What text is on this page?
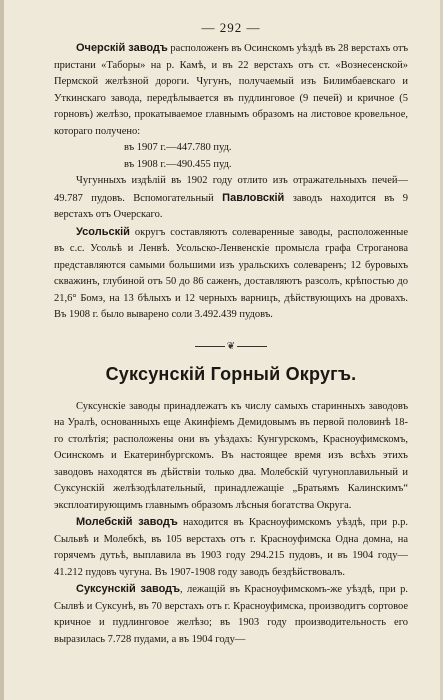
— 292 —

Очерскій заводъ расположенъ въ Осинскомъ уѣздѣ въ 28 верстахъ отъ пристани «Таборы» на р. Камѣ, и въ 22 верстахъ отъ ст. «Вознесенской» Пермской желѣзной дороги. Чугунъ, получаемый изъ Билимбаевскаго и Уткинскаго завода, передѣлывается въ пудлинговое (9 печей) и кричное (5 горновъ) желѣзо, прокатываемое главнымъ образомъ на листовое кровельное, котораго получено:

въ 1907 г.—447.780 пуд.
въ 1908 г.—490.455 пуд.

Чугунныхъ издѣлій въ 1902 году отлито изъ отражательныхъ печей—49.787 пудовъ. Вспомогательный Павловскій заводъ находится въ 9 верстахъ отъ Очерскаго.

Усольскій округъ составляютъ солеваренные заводы, расположенные въ с.с. Усольѣ и Ленвѣ. Усольско-Ленвенскіе промысла графа Строганова представляются самыми большими изъ уральскихъ солеваренъ; 12 буровыхъ скважинъ, глубиной отъ 50 до 86 саженъ, доставляютъ разсолъ, крѣпостью до 21,6° Бомэ, на 13 бѣлыхъ и 12 черныхъ варницъ, дѣйствующихъ на дровахъ. Въ 1908 г. было выварено соли 3.492.439 пудовъ.

❦
Суксунскій Горный Округъ.

Суксунскіе заводы принадлежатъ къ числу самыхъ старинныхъ заводовъ на Уралѣ, основанныхъ еще Акинфіемъ Демидовымъ въ первой половинѣ 18-го столѣтія; расположены они въ уѣздахъ: Кунгурскомъ, Красноуфимскомъ, Осинскомъ и Екатеринбургскомъ. Въ настоящее время изъ всѣхъ этихъ заводовъ находятся въ дѣйствіи только два. Молебскій чугуноплавильный и Суксунскій желѣзодѣлательный, принадлежащіе „Братьямъ Калинскимъ“ эксплоатирующимъ главнымъ образомъ лѣсныя богатства Округа.

Молебскій заводъ находится въ Красноуфимскомъ уѣздѣ, при р.р. Сыльвѣ и Молебкѣ, въ 105 верстахъ отъ г. Красноуфимска Одна домна, на горячемъ дутьѣ, выплавила въ 1903 году 294.215 пудовъ, и въ 1904 году—41.212 пудовъ чугуна. Въ 1907-1908 году заводъ бездѣйствовалъ.

Суксунскій заводъ, лежащій въ Красноуфимскомъ-же уѣздѣ, при р. Сылвѣ и Суксунѣ, въ 70 верстахъ отъ г. Красноуфимска, производитъ сортовое кричное и пудлинговое желѣзо; въ 1903 году производительность его выразилась 7.728 пудами, а въ 1904 году—
